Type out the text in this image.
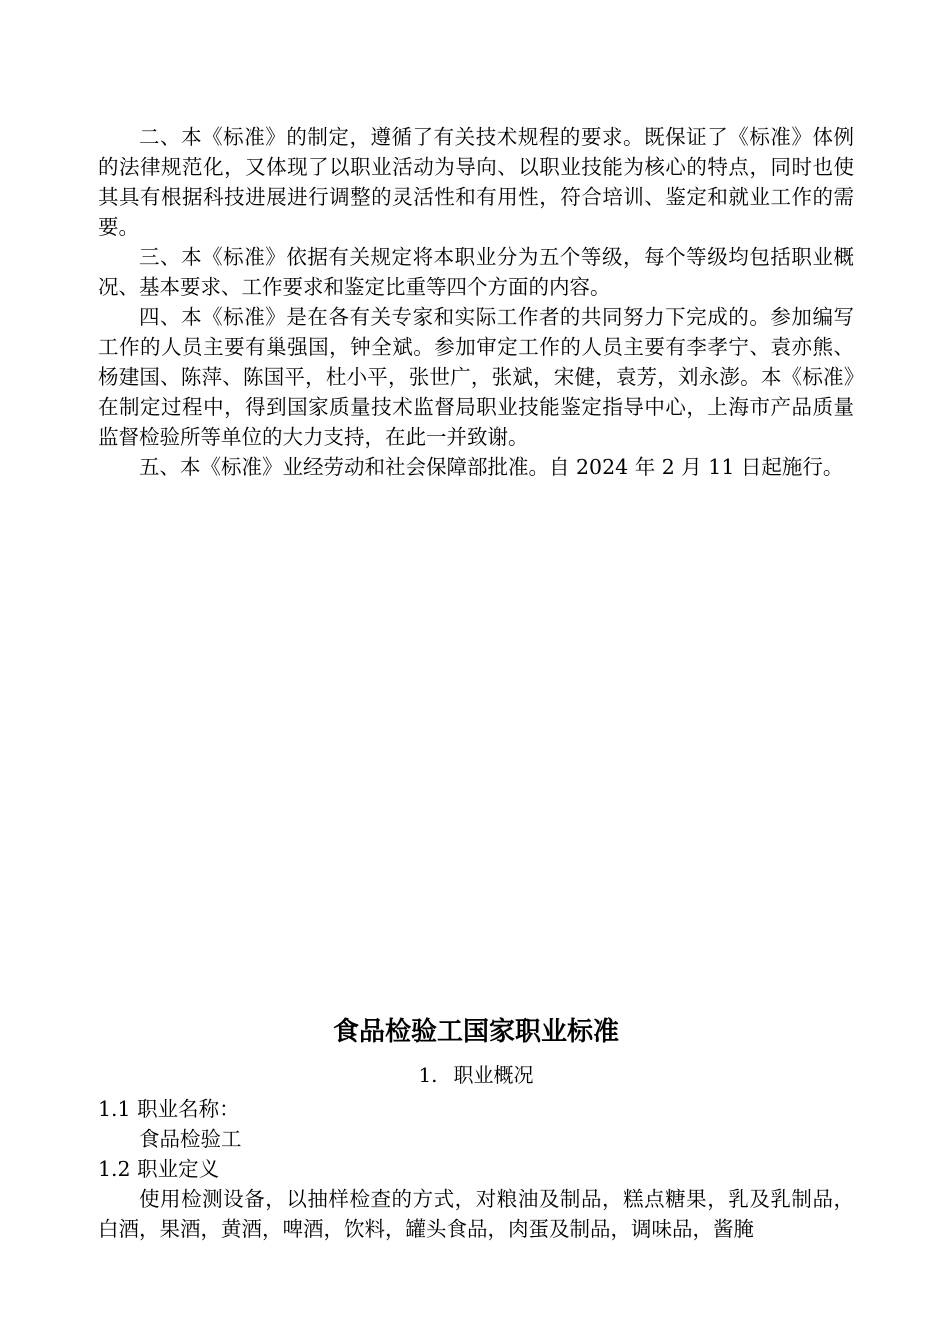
二、本《标准》的制定，遵循了有关技术规程的要求。既保证了《标准》体例的法律规范化，又体现了以职业活动为导向、以职业技能为核心的特点，同时也使其具有根据科技进展进行调整的灵活性和有用性，符合培训、鉴定和就业工作的需要。

三、本《标准》依据有关规定将本职业分为五个等级，每个等级均包括职业概况、基本要求、工作要求和鉴定比重等四个方面的内容。

四、本《标准》是在各有关专家和实际工作者的共同努力下完成的。参加编写工作的人员主要有巢强国，钟全斌。参加审定工作的人员主要有李孝宁、袁亦熊、杨建国、陈萍、陈国平，杜小平，张世广，张斌，宋健，袁芳，刘永澎。本《标准》在制定过程中，得到国家质量技术监督局职业技能鉴定指导中心，上海市产品质量监督检验所等单位的大力支持，在此一并致谢。

五、本《标准》业经劳动和社会保障部批准。自 2024 年 2 月 11 日起施行。

食品检验工国家职业标准
1. 职业概况

1.1 职业名称：

食品检验工

1.2 职业定义

使用检测设备，以抽样检查的方式，对粮油及制品，糕点糖果，乳及乳制品，白酒，果酒，黄酒，啤酒，饮料，罐头食品，肉蛋及制品，调味品，酱腌
